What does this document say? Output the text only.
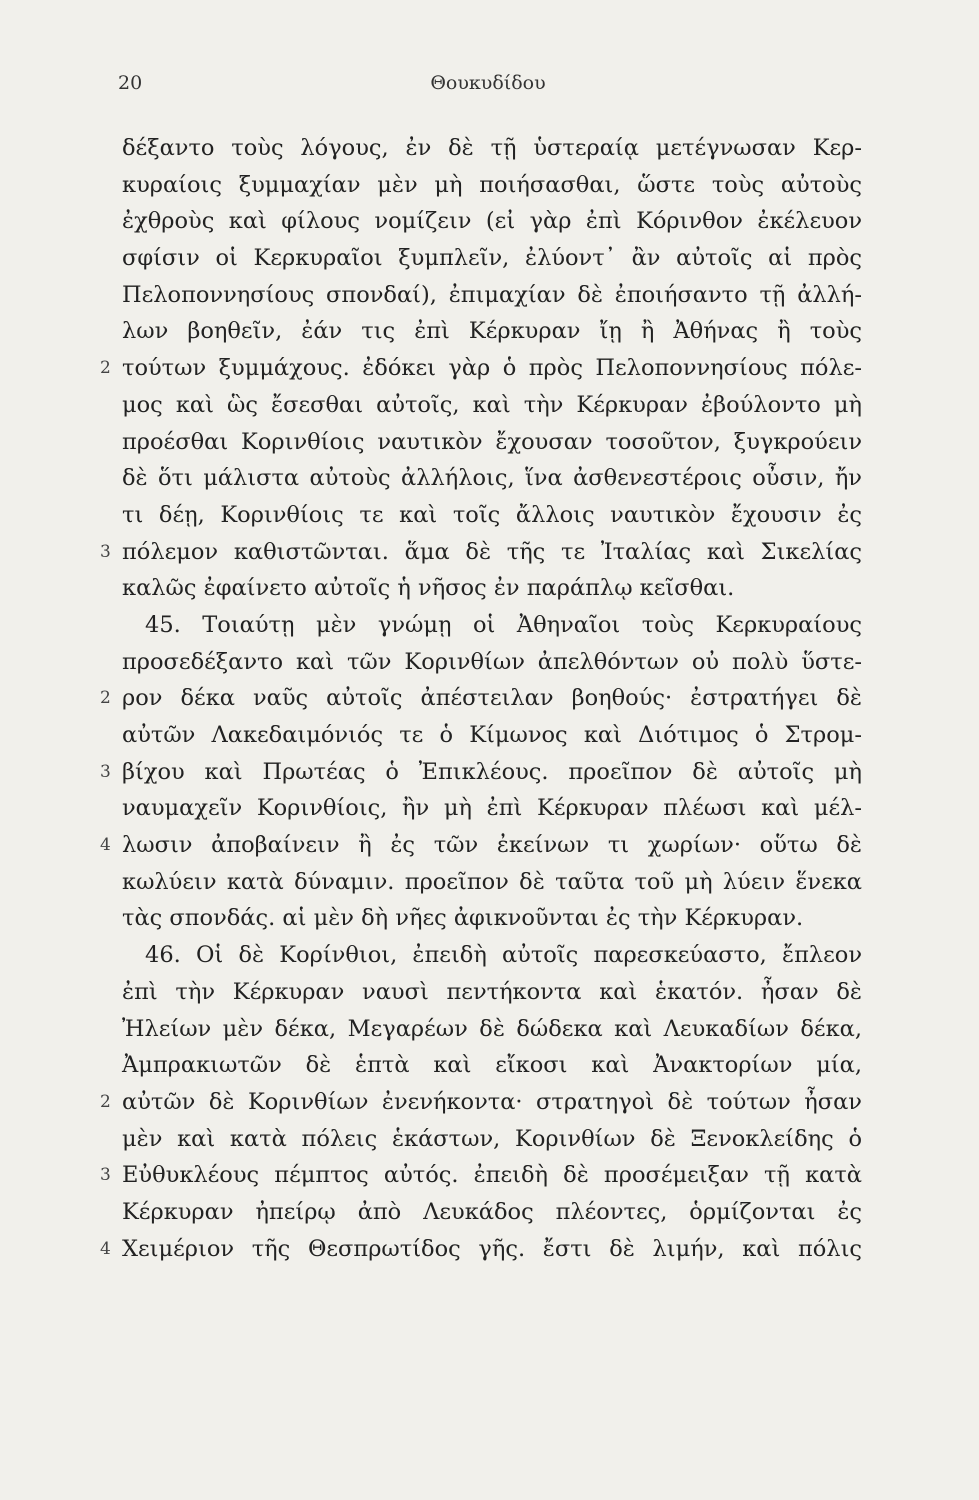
20	Θουκυδίδου
δέξαντο τοὺς λόγους, ἐν δὲ τῇ ὑστεραίᾳ μετέγνωσαν Κερ-
κυραίοις ξυμμαχίαν μὲν μὴ ποιήσασθαι, ὥστε τοὺς αὐτοὺς
ἐχθροὺς καὶ φίλους νομίζειν (εἰ γὰρ ἐπὶ Κόρινθον ἐκέλευον
σφίσιν οἱ Κερκυραῖοι ξυμπλεῖν, ἐλύοντ᾽ ἂν αὐτοῖς αἱ πρὸς
Πελοποννησίους σπονδαί), ἐπιμαχίαν δὲ ἐποιήσαντο τῇ ἀλλή-
λων βοηθεῖν, ἐάν τις ἐπὶ Κέρκυραν ἴῃ ἢ Ἀθήνας ἢ τοὺς
2 τούτων ξυμμάχους. ἐδόκει γὰρ ὁ πρὸς Πελοποννησίους πόλε-
μος καὶ ὣς ἔσεσθαι αὐτοῖς, καὶ τὴν Κέρκυραν ἐβούλοντο μὴ
προέσθαι Κορινθίοις ναυτικὸν ἔχουσαν τοσοῦτον, ξυγκρούειν
δὲ ὅτι μάλιστα αὐτοὺς ἀλλήλοις, ἵνα ἀσθενεστέροις οὖσιν, ἤν
τι δέῃ, Κορινθίοις τε καὶ τοῖς ἄλλοις ναυτικὸν ἔχουσιν ἐς
3 πόλεμον καθιστῶνται. ἅμα δὲ τῆς τε Ἰταλίας καὶ Σικελίας
καλῶς ἐφαίνετο αὐτοῖς ἡ νῆσος ἐν παράπλῳ κεῖσθαι.
45. Τοιαύτῃ μὲν γνώμῃ οἱ Ἀθηναῖοι τοὺς Κερκυραίους
προσεδέξαντο καὶ τῶν Κορινθίων ἀπελθόντων οὐ πολὺ ὕστε-
2 ρον δέκα ναῦς αὐτοῖς ἀπέστειλαν βοηθούς· ἐστρατήγει δὲ
αὐτῶν Λακεδαιμόνιός τε ὁ Κίμωνος καὶ Διότιμος ὁ Στρομ-
3 βίχου καὶ Πρωτέας ὁ Ἐπικλέους. προεῖπον δὲ αὐτοῖς μὴ
ναυμαχεῖν Κορινθίοις, ἢν μὴ ἐπὶ Κέρκυραν πλέωσι καὶ μέλ-
4 λωσιν ἀποβαίνειν ἢ ἐς τῶν ἐκείνων τι χωρίων· οὕτω δὲ
κωλύειν κατὰ δύναμιν. προεῖπον δὲ ταῦτα τοῦ μὴ λύειν ἕνεκα
τὰς σπονδάς. αἱ μὲν δὴ νῆες ἀφικνοῦνται ἐς τὴν Κέρκυραν.
46. Οἱ δὲ Κορίνθιοι, ἐπειδὴ αὐτοῖς παρεσκεύαστο, ἔπλεον
ἐπὶ τὴν Κέρκυραν ναυσὶ πεντήκοντα καὶ ἑκατόν. ἦσαν δὲ
Ἠλείων μὲν δέκα, Μεγαρέων δὲ δώδεκα καὶ Λευκαδίων δέκα,
Ἀμπρακιωτῶν δὲ ἑπτὰ καὶ εἴκοσι καὶ Ἀνακτορίων μία,
2 αὐτῶν δὲ Κορινθίων ἐνενήκοντα· στρατηγοὶ δὲ τούτων ἦσαν
μὲν καὶ κατὰ πόλεις ἑκάστων, Κορινθίων δὲ Ξενοκλείδης ὁ
3 Εὐθυκλέους πέμπτος αὐτός. ἐπειδὴ δὲ προσέμειξαν τῇ κατὰ
Κέρκυραν ἠπείρῳ ἀπὸ Λευκάδος πλέοντες, ὁρμίζονται ἐς
4 Χειμέριον τῆς Θεσπρωτίδος γῆς. ἔστι δὲ λιμήν, καὶ πόλις
